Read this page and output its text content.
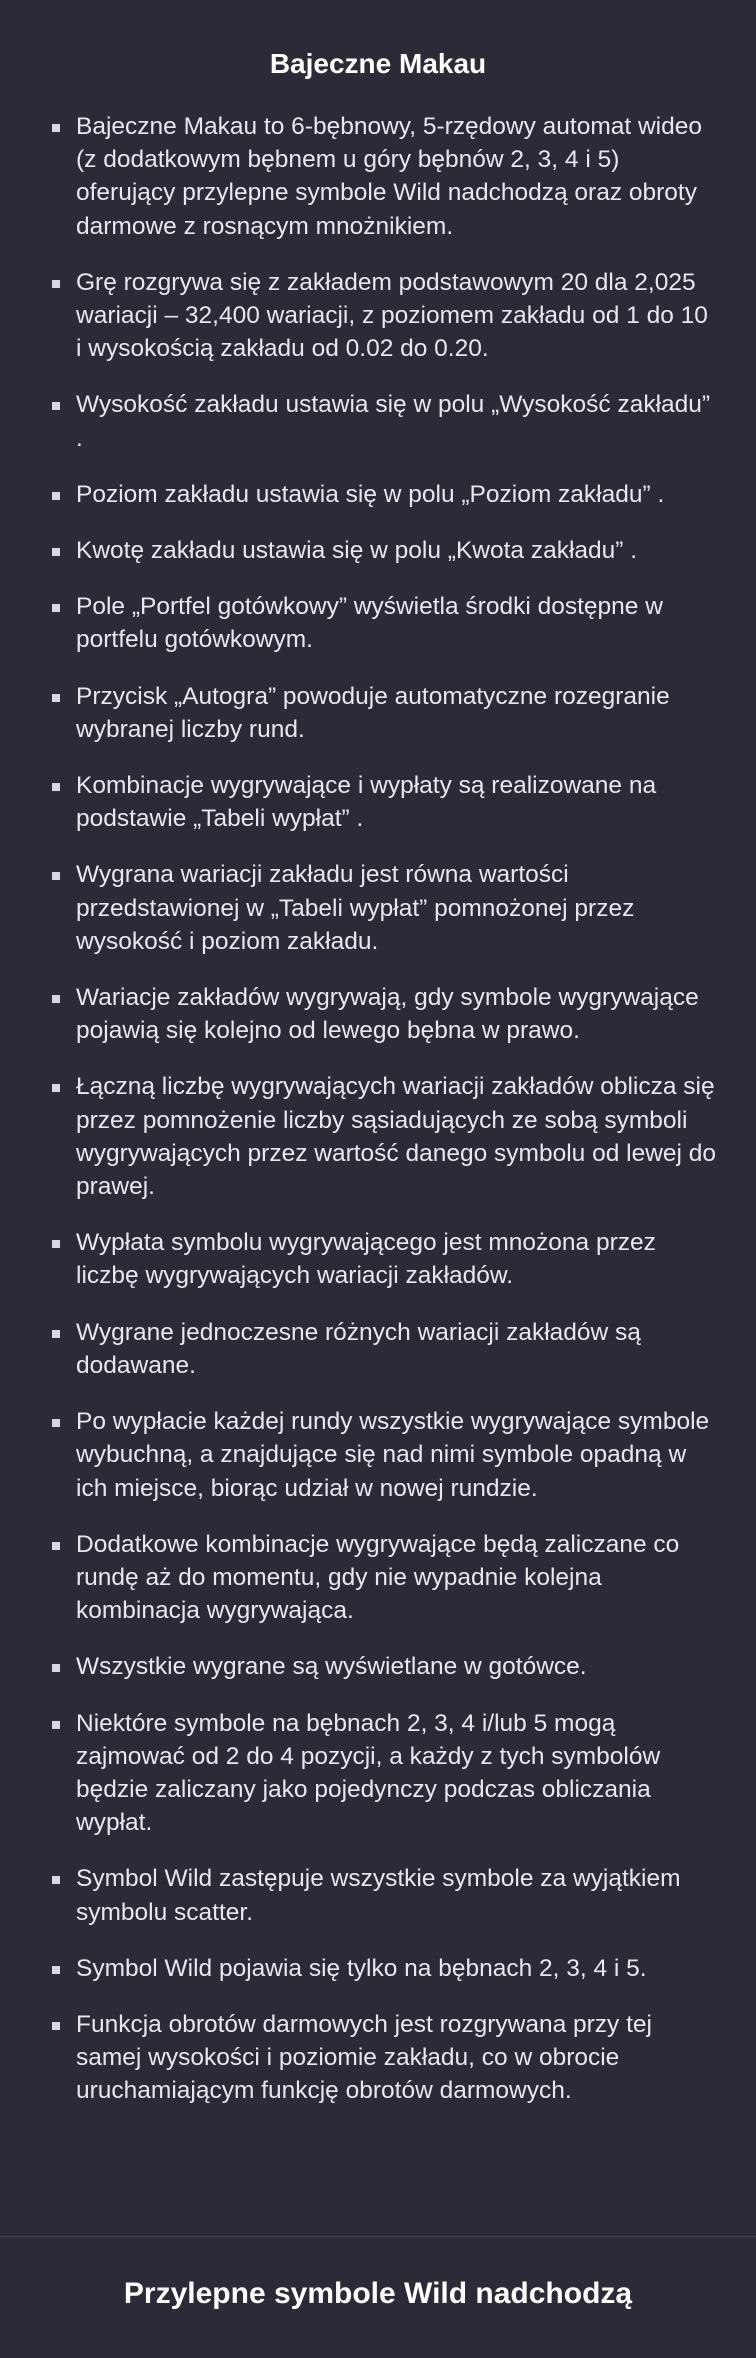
Bajeczne Makau
Bajeczne Makau to 6-bębnowy, 5-rzędowy automat wideo (z dodatkowym bębnem u góry bębnów 2, 3, 4 i 5) oferujący przylepne symbole Wild nadchodzą oraz obroty darmowe z rosnącym mnożnikiem.
Grę rozgrywa się z zakładem podstawowym 20 dla 2,025 wariacji – 32,400 wariacji, z poziomem zakładu od 1 do 10 i wysokością zakładu od 0.02 do 0.20.
Wysokość zakładu ustawia się w polu „Wysokość zakładu” .
Poziom zakładu ustawia się w polu „Poziom zakładu” .
Kwotę zakładu ustawia się w polu „Kwota zakładu” .
Pole „Portfel gotówkowy” wyświetla środki dostępne w portfelu gotówkowym.
Przycisk „Autogra” powoduje automatyczne rozegranie wybranej liczby rund.
Kombinacje wygrywające i wypłaty są realizowane na podstawie „Tabeli wypłat” .
Wygrana wariacji zakładu jest równa wartości przedstawionej w „Tabeli wypłat” pomnożonej przez wysokość i poziom zakładu.
Wariacje zakładów wygrywają, gdy symbole wygrywające pojawią się kolejno od lewego bębna w prawo.
Łączną liczbę wygrywających wariacji zakładów oblicza się przez pomnożenie liczby sąsiadujących ze sobą symboli wygrywających przez wartość danego symbolu od lewej do prawej.
Wypłata symbolu wygrywającego jest mnożona przez liczbę wygrywających wariacji zakładów.
Wygrane jednoczesne różnych wariacji zakładów są dodawane.
Po wypłacie każdej rundy wszystkie wygrywające symbole wybuchną, a znajdujące się nad nimi symbole opadną w ich miejsce, biorąc udział w nowej rundzie.
Dodatkowe kombinacje wygrywające będą zaliczane co rundę aż do momentu, gdy nie wypadnie kolejna kombinacja wygrywająca.
Wszystkie wygrane są wyświetlane w gotówce.
Niektóre symbole na bębnach 2, 3, 4 i/lub 5 mogą zajmować od 2 do 4 pozycji, a każdy z tych symbolów będzie zaliczany jako pojedynczy podczas obliczania wypłat.
Symbol Wild zastępuje wszystkie symbole za wyjątkiem symbolu scatter.
Symbol Wild pojawia się tylko na bębnach 2, 3, 4 i 5.
Funkcja obrotów darmowych jest rozgrywana przy tej samej wysokości i poziomie zakładu, co w obrocie uruchamiającym funkcję obrotów darmowych.
Przylepne symbole Wild nadchodzą
